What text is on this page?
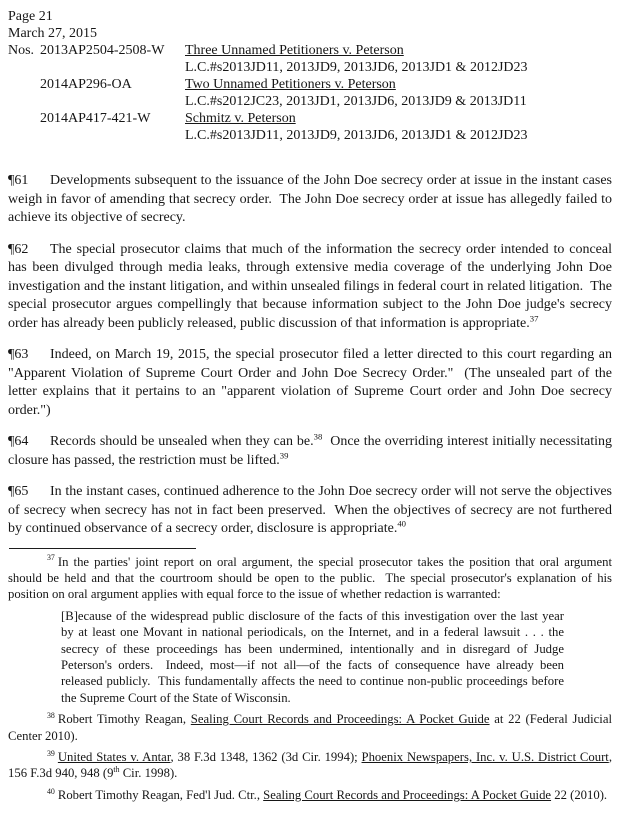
Page 21
March 27, 2015
Nos. 2013AP2504-2508-W	Three Unnamed Petitioners v. Peterson
L.C.#s2013JD11, 2013JD9, 2013JD6, 2013JD1 & 2012JD23
2014AP296-OA	Two Unnamed Petitioners v. Peterson
L.C.#s2012JC23, 2013JD1, 2013JD6, 2013JD9 & 2013JD11
2014AP417-421-W	Schmitz v. Peterson
L.C.#s2013JD11, 2013JD9, 2013JD6, 2013JD1 & 2012JD23

¶61 Developments subsequent to the issuance of the John Doe secrecy order at issue in the instant cases weigh in favor of amending that secrecy order.  The John Doe secrecy order at issue has allegedly failed to achieve its objective of secrecy.

¶62 The special prosecutor claims that much of the information the secrecy order intended to conceal has been divulged through media leaks, through extensive media coverage of the underlying John Doe investigation and the instant litigation, and within unsealed filings in federal court in related litigation.  The special prosecutor argues compellingly that because information subject to the John Doe judge's secrecy order has already been publicly released, public discussion of that information is appropriate.$^{37}$

¶63 Indeed, on March 19, 2015, the special prosecutor filed a letter directed to this court regarding an "Apparent Violation of Supreme Court Order and John Doe Secrecy Order."  (The unsealed part of the letter explains that it pertains to an "apparent violation of Supreme Court order and John Doe secrecy order.")

¶64 Records should be unsealed when they can be.$^{38}$  Once the overriding interest initially necessitating closure has passed, the restriction must be lifted.$^{39}$

¶65 In the instant cases, continued adherence to the John Doe secrecy order will not serve the objectives of secrecy when secrecy has not in fact been preserved.  When the objectives of secrecy are not furthered by continued observance of a secrecy order, disclosure is appropriate.$^{40}$

$^{37}$ In the parties' joint report on oral argument, the special prosecutor takes the position that oral argument should be held and that the courtroom should be open to the public.  The special prosecutor's explanation of his position on oral argument applies with equal force to the issue of whether redaction is warranted:

[B]ecause of the widespread public disclosure of the facts of this investigation over the last year by at least one Movant in national periodicals, on the Internet, and in a federal lawsuit . . . the secrecy of these proceedings has been undermined, intentionally and in disregard of Judge Peterson's orders.  Indeed, most—if not all—of the facts of consequence have already been released publicly.  This fundamentally affects the need to continue non-public proceedings before the Supreme Court of the State of Wisconsin.

$^{38}$ Robert Timothy Reagan, Sealing Court Records and Proceedings: A Pocket Guide at 22 (Federal Judicial Center 2010).

$^{39}$ United States v. Antar, 38 F.3d 1348, 1362 (3d Cir. 1994); Phoenix Newspapers, Inc. v. U.S. District Court, 156 F.3d 940, 948 (9th Cir. 1998).

$^{40}$ Robert Timothy Reagan, Fed'l Jud. Ctr., Sealing Court Records and Proceedings: A Pocket Guide 22 (2010).
